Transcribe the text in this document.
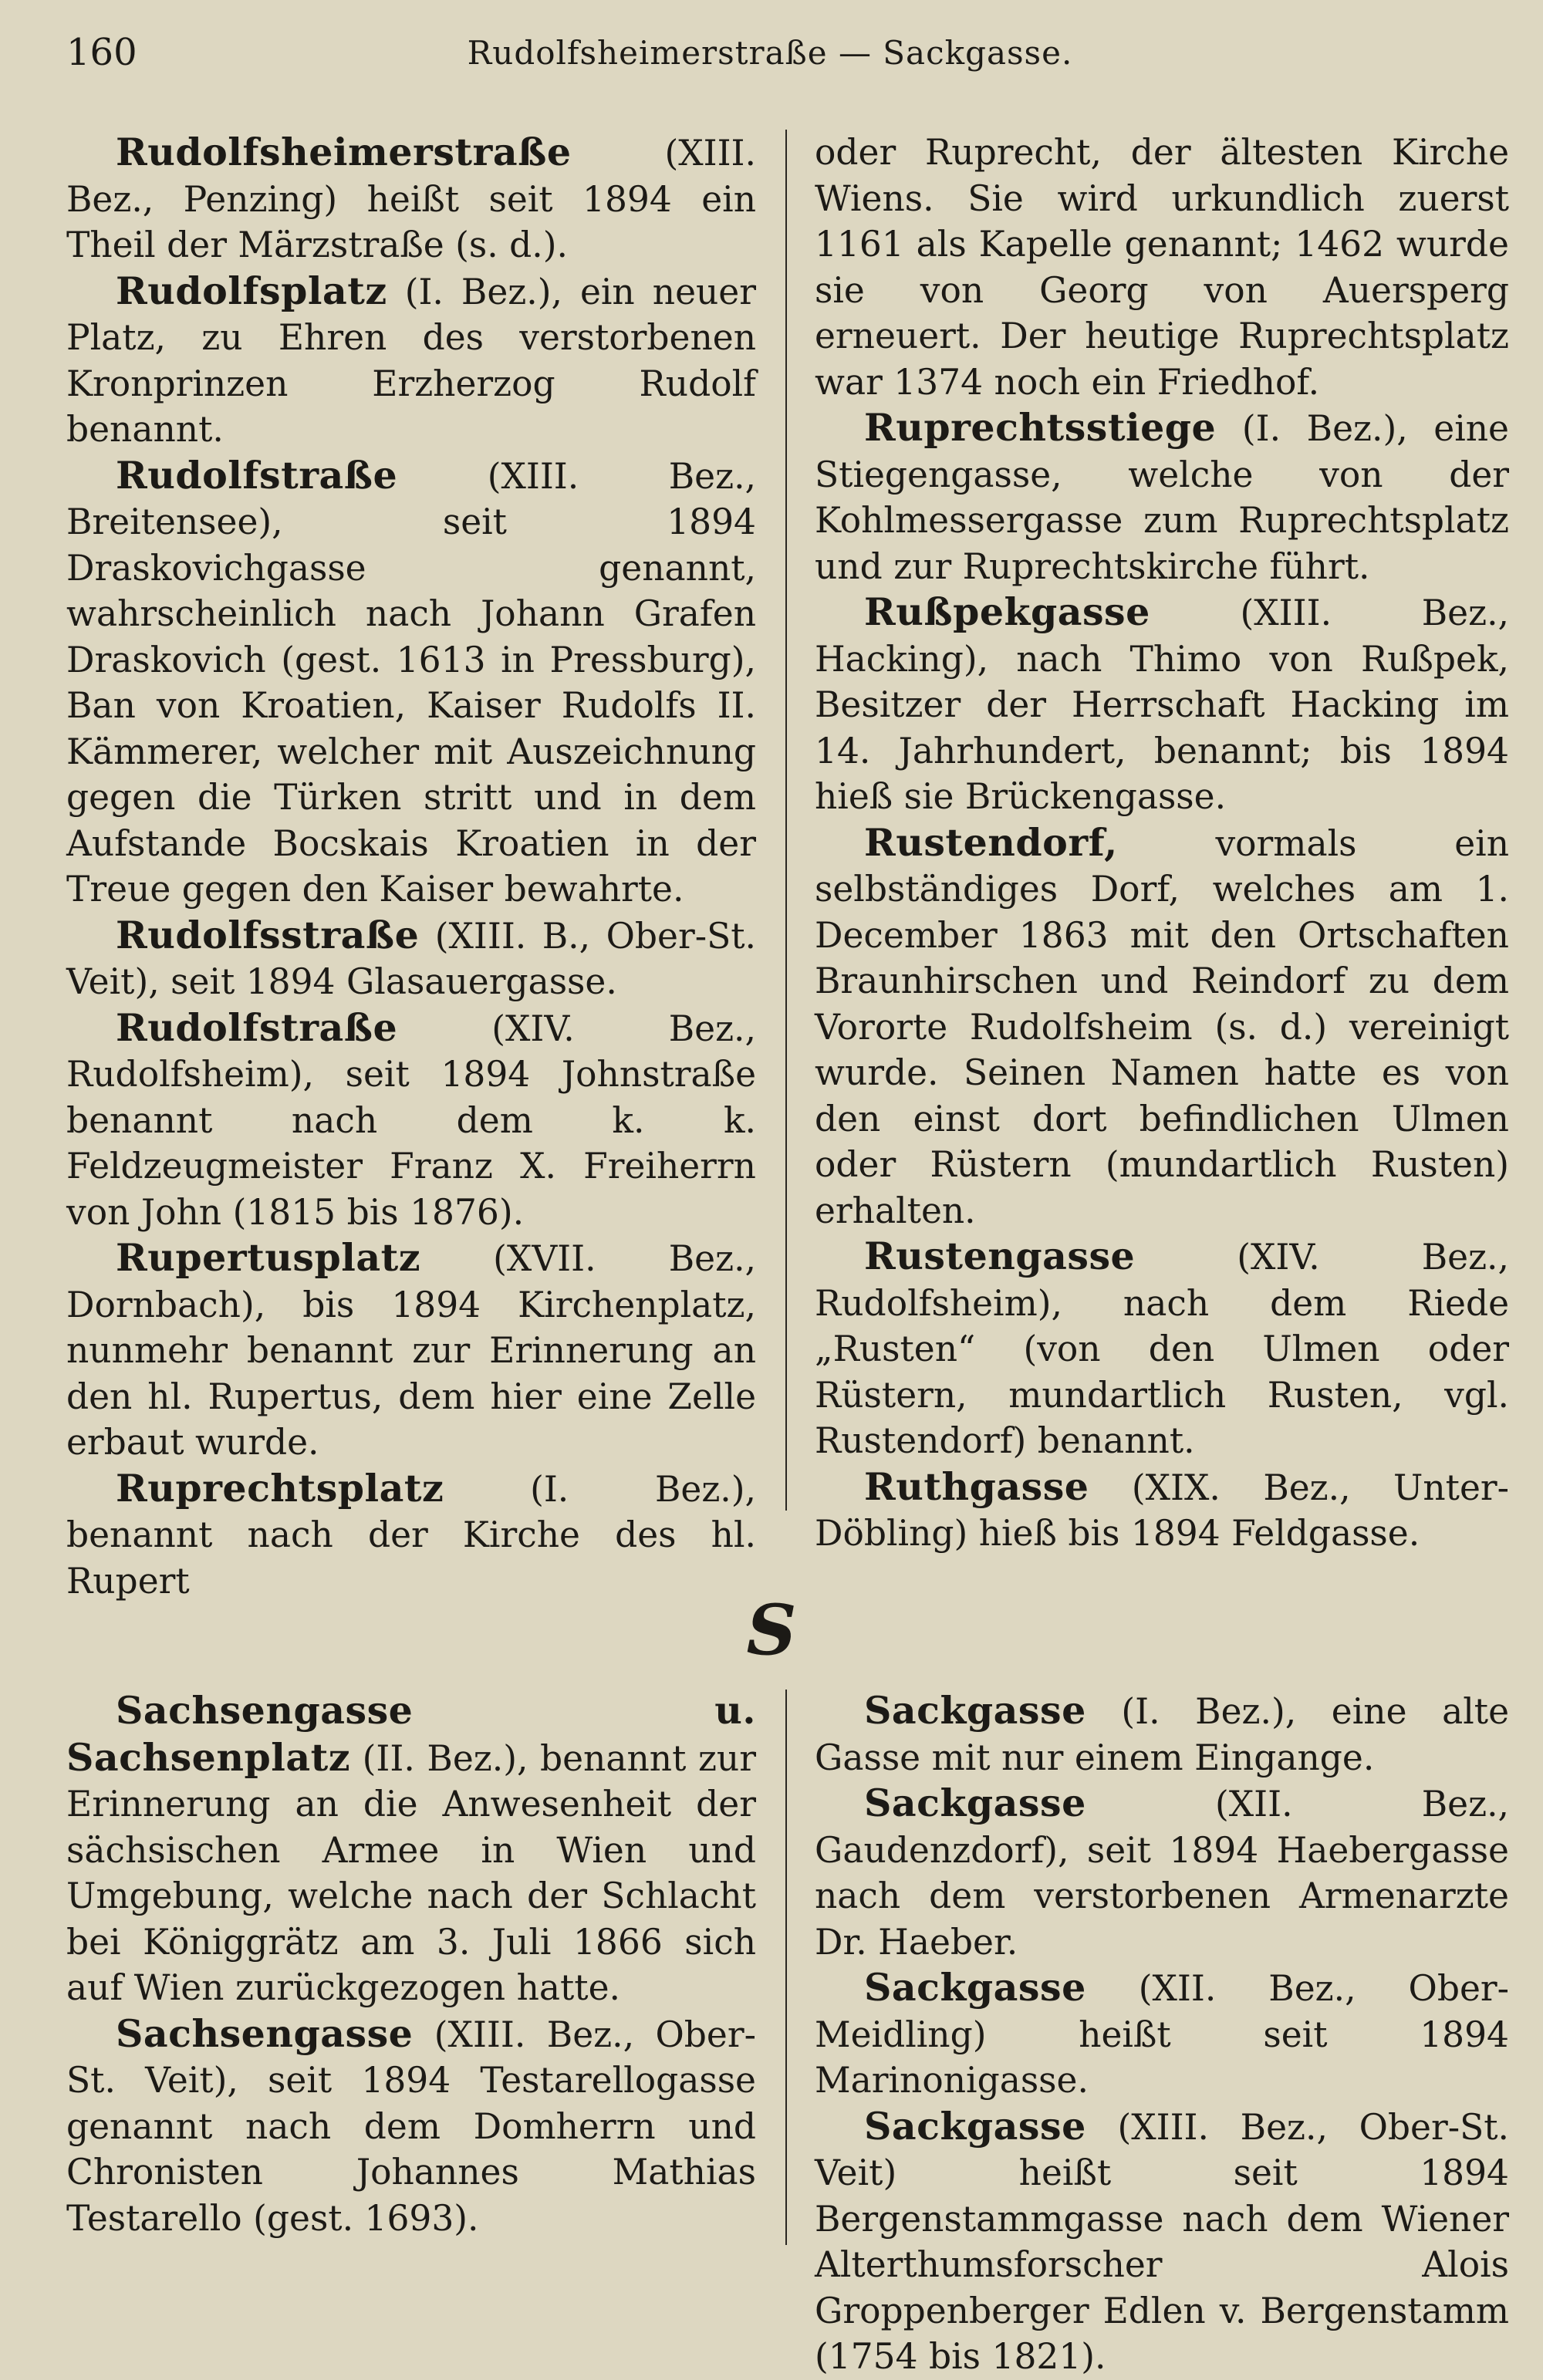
160	Rudolfsheimerstraße — Sackgasse.

Rudolfsheimerstraße (XIII. Bez., Penzing) heißt seit 1894 ein Theil der Märzstraße (s. d.).

Rudolfsplatz (I. Bez.), ein neuer Platz, zu Ehren des verstorbenen Kronprinzen Erzherzog Rudolf benannt.

Rudolfstraße (XIII. Bez., Breitensee), seit 1894 Draskovichgasse genannt, wahrscheinlich nach Johann Grafen Draskovich (gest. 1613 in Pressburg), Ban von Kroatien, Kaiser Rudolfs II. Kämmerer, welcher mit Auszeichnung gegen die Türken stritt und in dem Aufstande Bocskais Kroatien in der Treue gegen den Kaiser bewahrte.

Rudolfsstraße (XIII. B., Ober-St. Veit), seit 1894 Glasauergasse.

Rudolfstraße (XIV. Bez., Rudolfsheim), seit 1894 Johnstraße benannt nach dem k. k. Feldzeugmeister Franz X. Freiherrn von John (1815 bis 1876).

Rupertusplatz (XVII. Bez., Dornbach), bis 1894 Kirchenplatz, nunmehr benannt zur Erinnerung an den hl. Rupertus, dem hier eine Zelle erbaut wurde.

Ruprechtsplatz (I. Bez.), benannt nach der Kirche des hl. Rupert

oder Ruprecht, der ältesten Kirche Wiens. Sie wird urkundlich zuerst 1161 als Kapelle genannt; 1462 wurde sie von Georg von Auersperg erneuert. Der heutige Ruprechtsplatz war 1374 noch ein Friedhof.

Ruprechtsstiege (I. Bez.), eine Stiegengasse, welche von der Kohlmessergasse zum Ruprechtsplatz und zur Ruprechtskirche führt.

Rußpekgasse (XIII. Bez., Hacking), nach Thimo von Rußpek, Besitzer der Herrschaft Hacking im 14. Jahrhundert, benannt; bis 1894 hieß sie Brückengasse.

Rustendorf, vormals ein selbständiges Dorf, welches am 1. December 1863 mit den Ortschaften Braunhirschen und Reindorf zu dem Vororte Rudolfsheim (s. d.) vereinigt wurde. Seinen Namen hatte es von den einst dort befindlichen Ulmen oder Rüstern (mundartlich Rusten) erhalten.

Rustengasse (XIV. Bez., Rudolfsheim), nach dem Riede „Rusten“ (von den Ulmen oder Rüstern, mundartlich Rusten, vgl. Rustendorf) benannt.

Ruthgasse (XIX. Bez., Unter-Döbling) hieß bis 1894 Feldgasse.

S

Sachsengasse u. Sachsenplatz (II. Bez.), benannt zur Erinnerung an die Anwesenheit der sächsischen Armee in Wien und Umgebung, welche nach der Schlacht bei Königgrätz am 3. Juli 1866 sich auf Wien zurückgezogen hatte.

Sachsengasse (XIII. Bez., Ober-St. Veit), seit 1894 Testarellogasse genannt nach dem Domherrn und Chronisten Johannes Mathias Testarello (gest. 1693).

Sackgasse (I. Bez.), eine alte Gasse mit nur einem Eingange.

Sackgasse (XII. Bez., Gaudenzdorf), seit 1894 Haebergasse nach dem verstorbenen Armenarzte Dr. Haeber.

Sackgasse (XII. Bez., Ober-Meidling) heißt seit 1894 Marinonigasse.

Sackgasse (XIII. Bez., Ober-St. Veit) heißt seit 1894 Bergenstammgasse nach dem Wiener Alterthumsforscher Alois Groppenberger Edlen v. Bergenstamm (1754 bis 1821).
